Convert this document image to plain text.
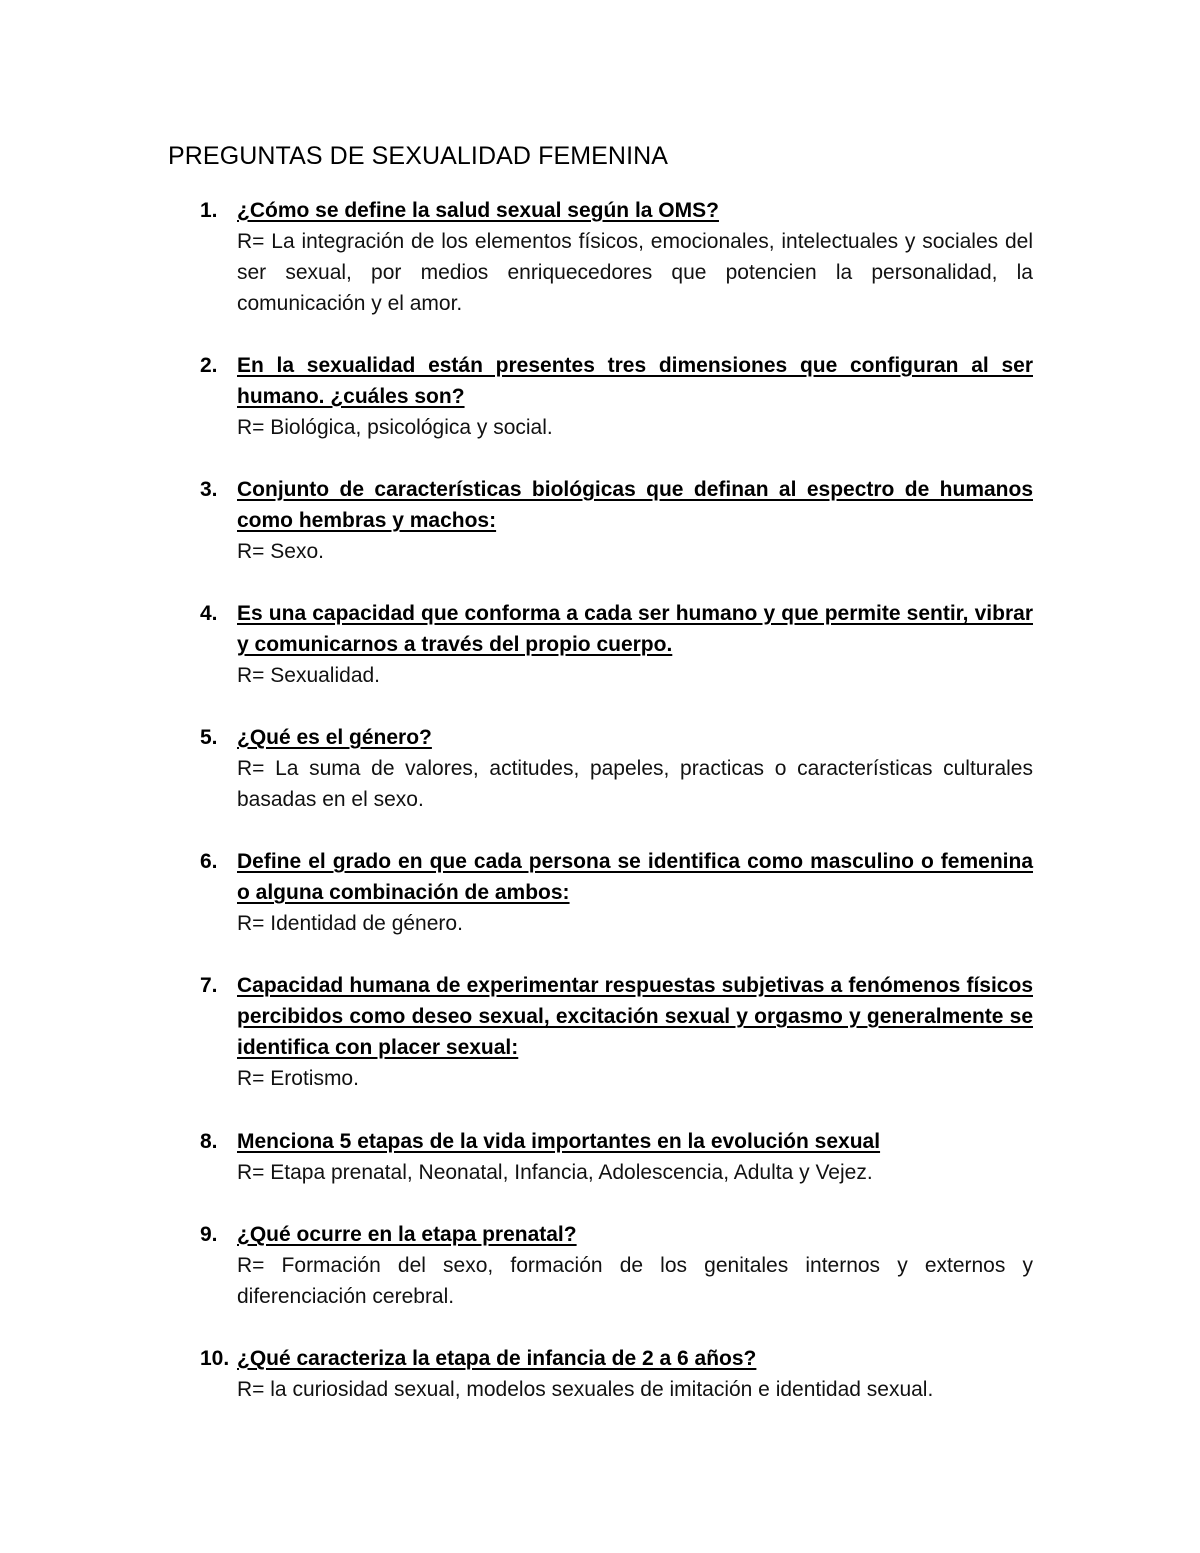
PREGUNTAS DE SEXUALIDAD FEMENINA
1. ¿Cómo se define la salud sexual según la OMS?
R= La integración de los elementos físicos, emocionales, intelectuales y sociales del ser sexual, por medios enriquecedores que potencien la personalidad, la comunicación y el amor.
2. En la sexualidad están presentes tres dimensiones que configuran al ser humano. ¿cuáles son?
R= Biológica, psicológica y social.
3. Conjunto de características biológicas que definan al espectro de humanos como hembras y machos:
R= Sexo.
4. Es una capacidad que conforma a cada ser humano y que permite sentir, vibrar y comunicarnos a través del propio cuerpo.
R= Sexualidad.
5. ¿Qué es el género?
R= La suma de valores, actitudes, papeles, practicas o características culturales basadas en el sexo.
6. Define el grado en que cada persona se identifica como masculino o femenina o alguna combinación de ambos:
R= Identidad de género.
7. Capacidad humana de experimentar respuestas subjetivas a fenómenos físicos percibidos como deseo sexual, excitación sexual y orgasmo y generalmente se identifica con placer sexual:
R= Erotismo.
8. Menciona 5 etapas de la vida importantes en la evolución sexual
R= Etapa prenatal, Neonatal, Infancia, Adolescencia, Adulta y Vejez.
9. ¿Qué ocurre en la etapa prenatal?
R= Formación del sexo, formación de los genitales internos y externos y diferenciación cerebral.
10. ¿Qué caracteriza la etapa de infancia de 2 a 6 años?
R= la curiosidad sexual, modelos sexuales de imitación e identidad sexual.
